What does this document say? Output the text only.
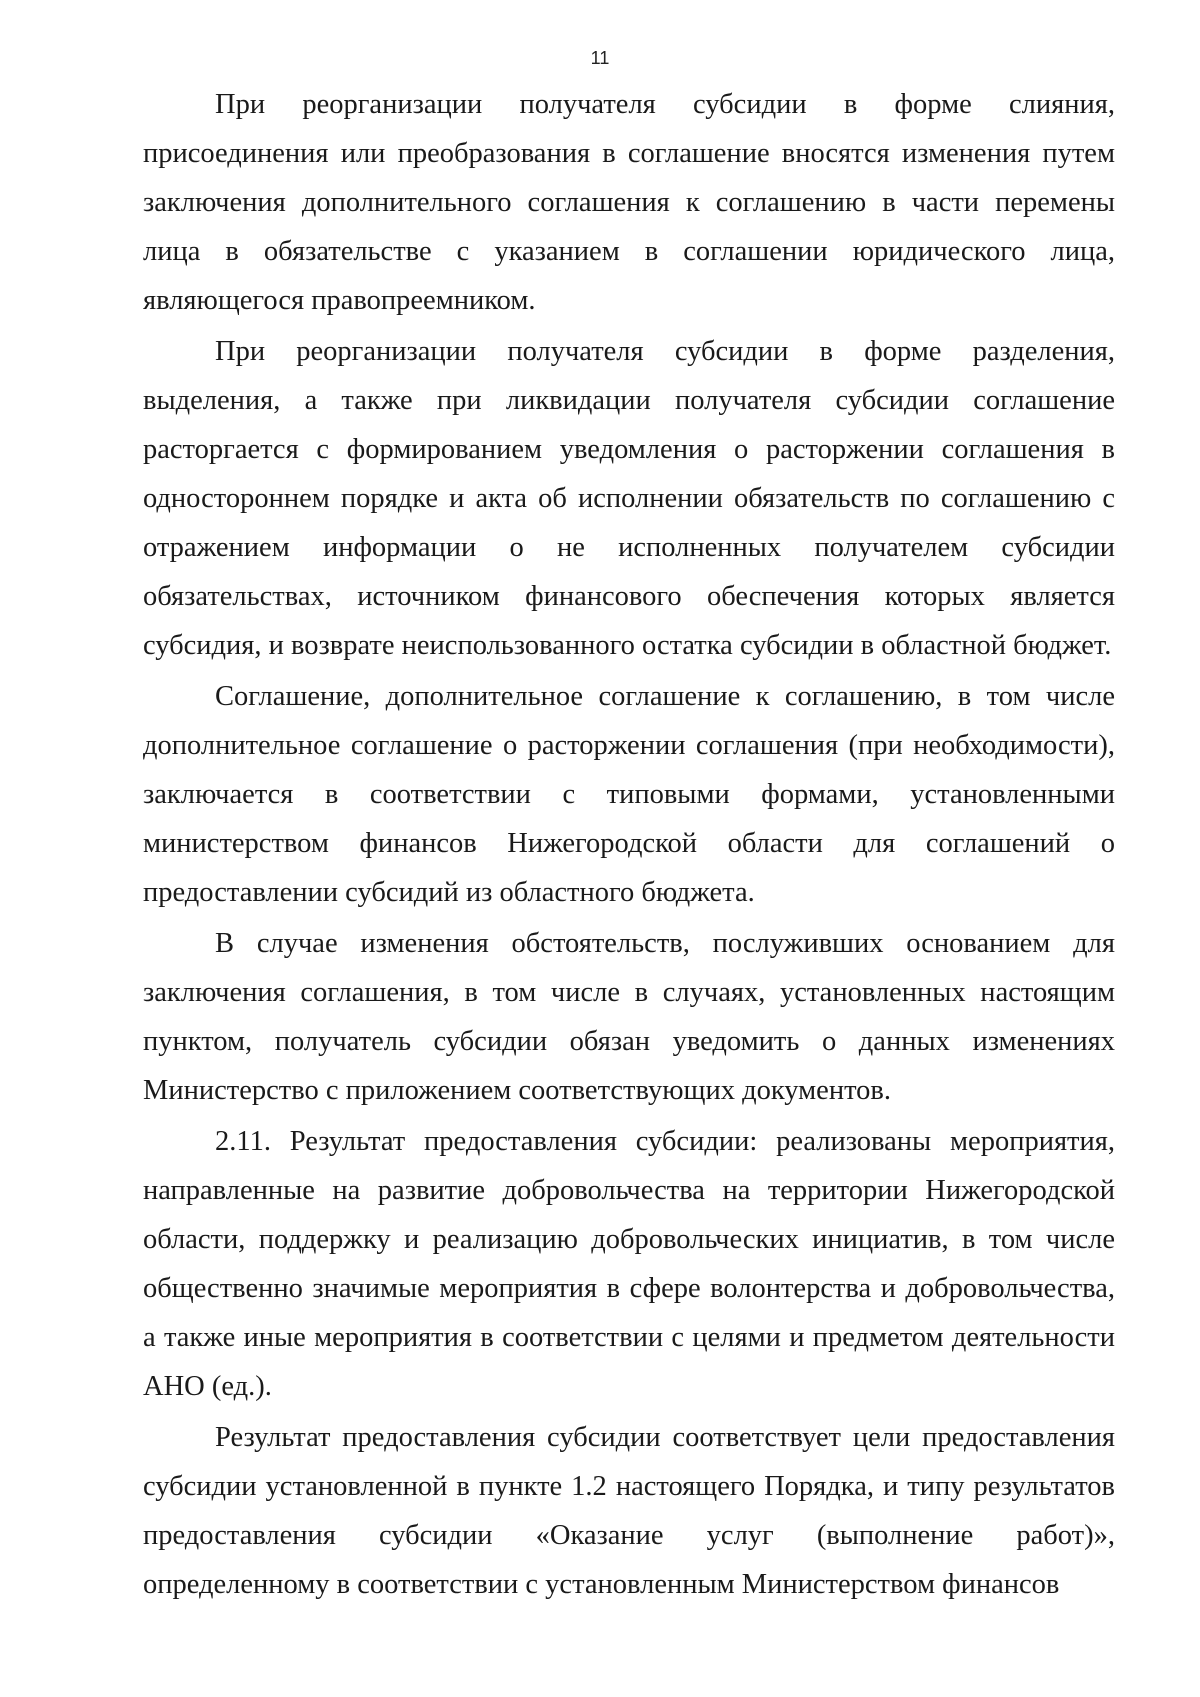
11

При реорганизации получателя субсидии в форме слияния, присоединения или преобразования в соглашение вносятся изменения путем заключения дополнительного соглашения к соглашению в части перемены лица в обязательстве с указанием в соглашении юридического лица, являющегося правопреемником.

При реорганизации получателя субсидии в форме разделения, выделения, а также при ликвидации получателя субсидии соглашение расторгается с формированием уведомления о расторжении соглашения в одностороннем порядке и акта об исполнении обязательств по соглашению с отражением информации о не исполненных получателем субсидии обязательствах, источником финансового обеспечения которых является субсидия, и возврате неиспользованного остатка субсидии в областной бюджет.

Соглашение, дополнительное соглашение к соглашению, в том числе дополнительное соглашение о расторжении соглашения (при необходимости), заключается в соответствии с типовыми формами, установленными министерством финансов Нижегородской области для соглашений о предоставлении субсидий из областного бюджета.

В случае изменения обстоятельств, послуживших основанием для заключения соглашения, в том числе в случаях, установленных настоящим пунктом, получатель субсидии обязан уведомить о данных изменениях Министерство с приложением соответствующих документов.

2.11. Результат предоставления субсидии: реализованы мероприятия, направленные на развитие добровольчества на территории Нижегородской области, поддержку и реализацию добровольческих инициатив, в том числе общественно значимые мероприятия в сфере волонтерства и добровольчества, а также иные мероприятия в соответствии с целями и предметом деятельности АНО (ед.).

Результат предоставления субсидии соответствует цели предоставления субсидии установленной в пункте 1.2 настоящего Порядка, и типу результатов предоставления субсидии «Оказание услуг (выполнение работ)», определенному в соответствии с установленным Министерством финансов
